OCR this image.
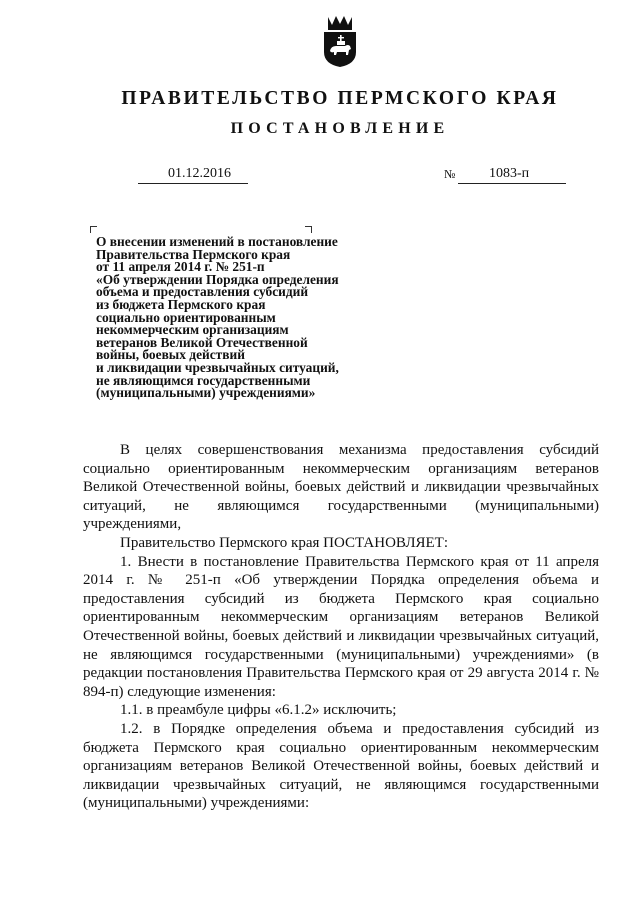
ПРАВИТЕЛЬСТВО ПЕРМСКОГО КРАЯ
ПОСТАНОВЛЕНИЕ
01.12.2016	№ 1083-п
О внесении изменений в постановление
Правительства Пермского края
от 11 апреля 2014 г. № 251-п
«Об утверждении Порядка определения
объема и предоставления субсидий
из бюджета Пермского края
социально ориентированным
некоммерческим организациям
ветеранов Великой Отечественной
войны, боевых действий
и ликвидации чрезвычайных ситуаций,
не являющимся государственными
(муниципальными) учреждениями»

В целях совершенствования механизма предоставления субсидий социально ориентированным некоммерческим организациям ветеранов Великой Отечественной войны, боевых действий и ликвидации чрезвычайных ситуаций, не являющимся государственными (муниципальными) учреждениями,

Правительство Пермского края ПОСТАНОВЛЯЕТ:

1. Внести в постановление Правительства Пермского края от 11 апреля 2014 г. № 251-п «Об утверждении Порядка определения объема и предоставления субсидий из бюджета Пермского края социально ориентированным некоммерческим организациям ветеранов Великой Отечественной войны, боевых действий и ликвидации чрезвычайных ситуаций, не являющимся государственными (муниципальными) учреждениями» (в редакции постановления Правительства Пермского края от 29 августа 2014 г. № 894-п) следующие изменения:

1.1. в преамбуле цифры «6.1.2» исключить;

1.2. в Порядке определения объема и предоставления субсидий из бюджета Пермского края социально ориентированным некоммерческим организациям ветеранов Великой Отечественной войны, боевых действий и ликвидации чрезвычайных ситуаций, не являющимся государственными (муниципальными) учреждениями:
